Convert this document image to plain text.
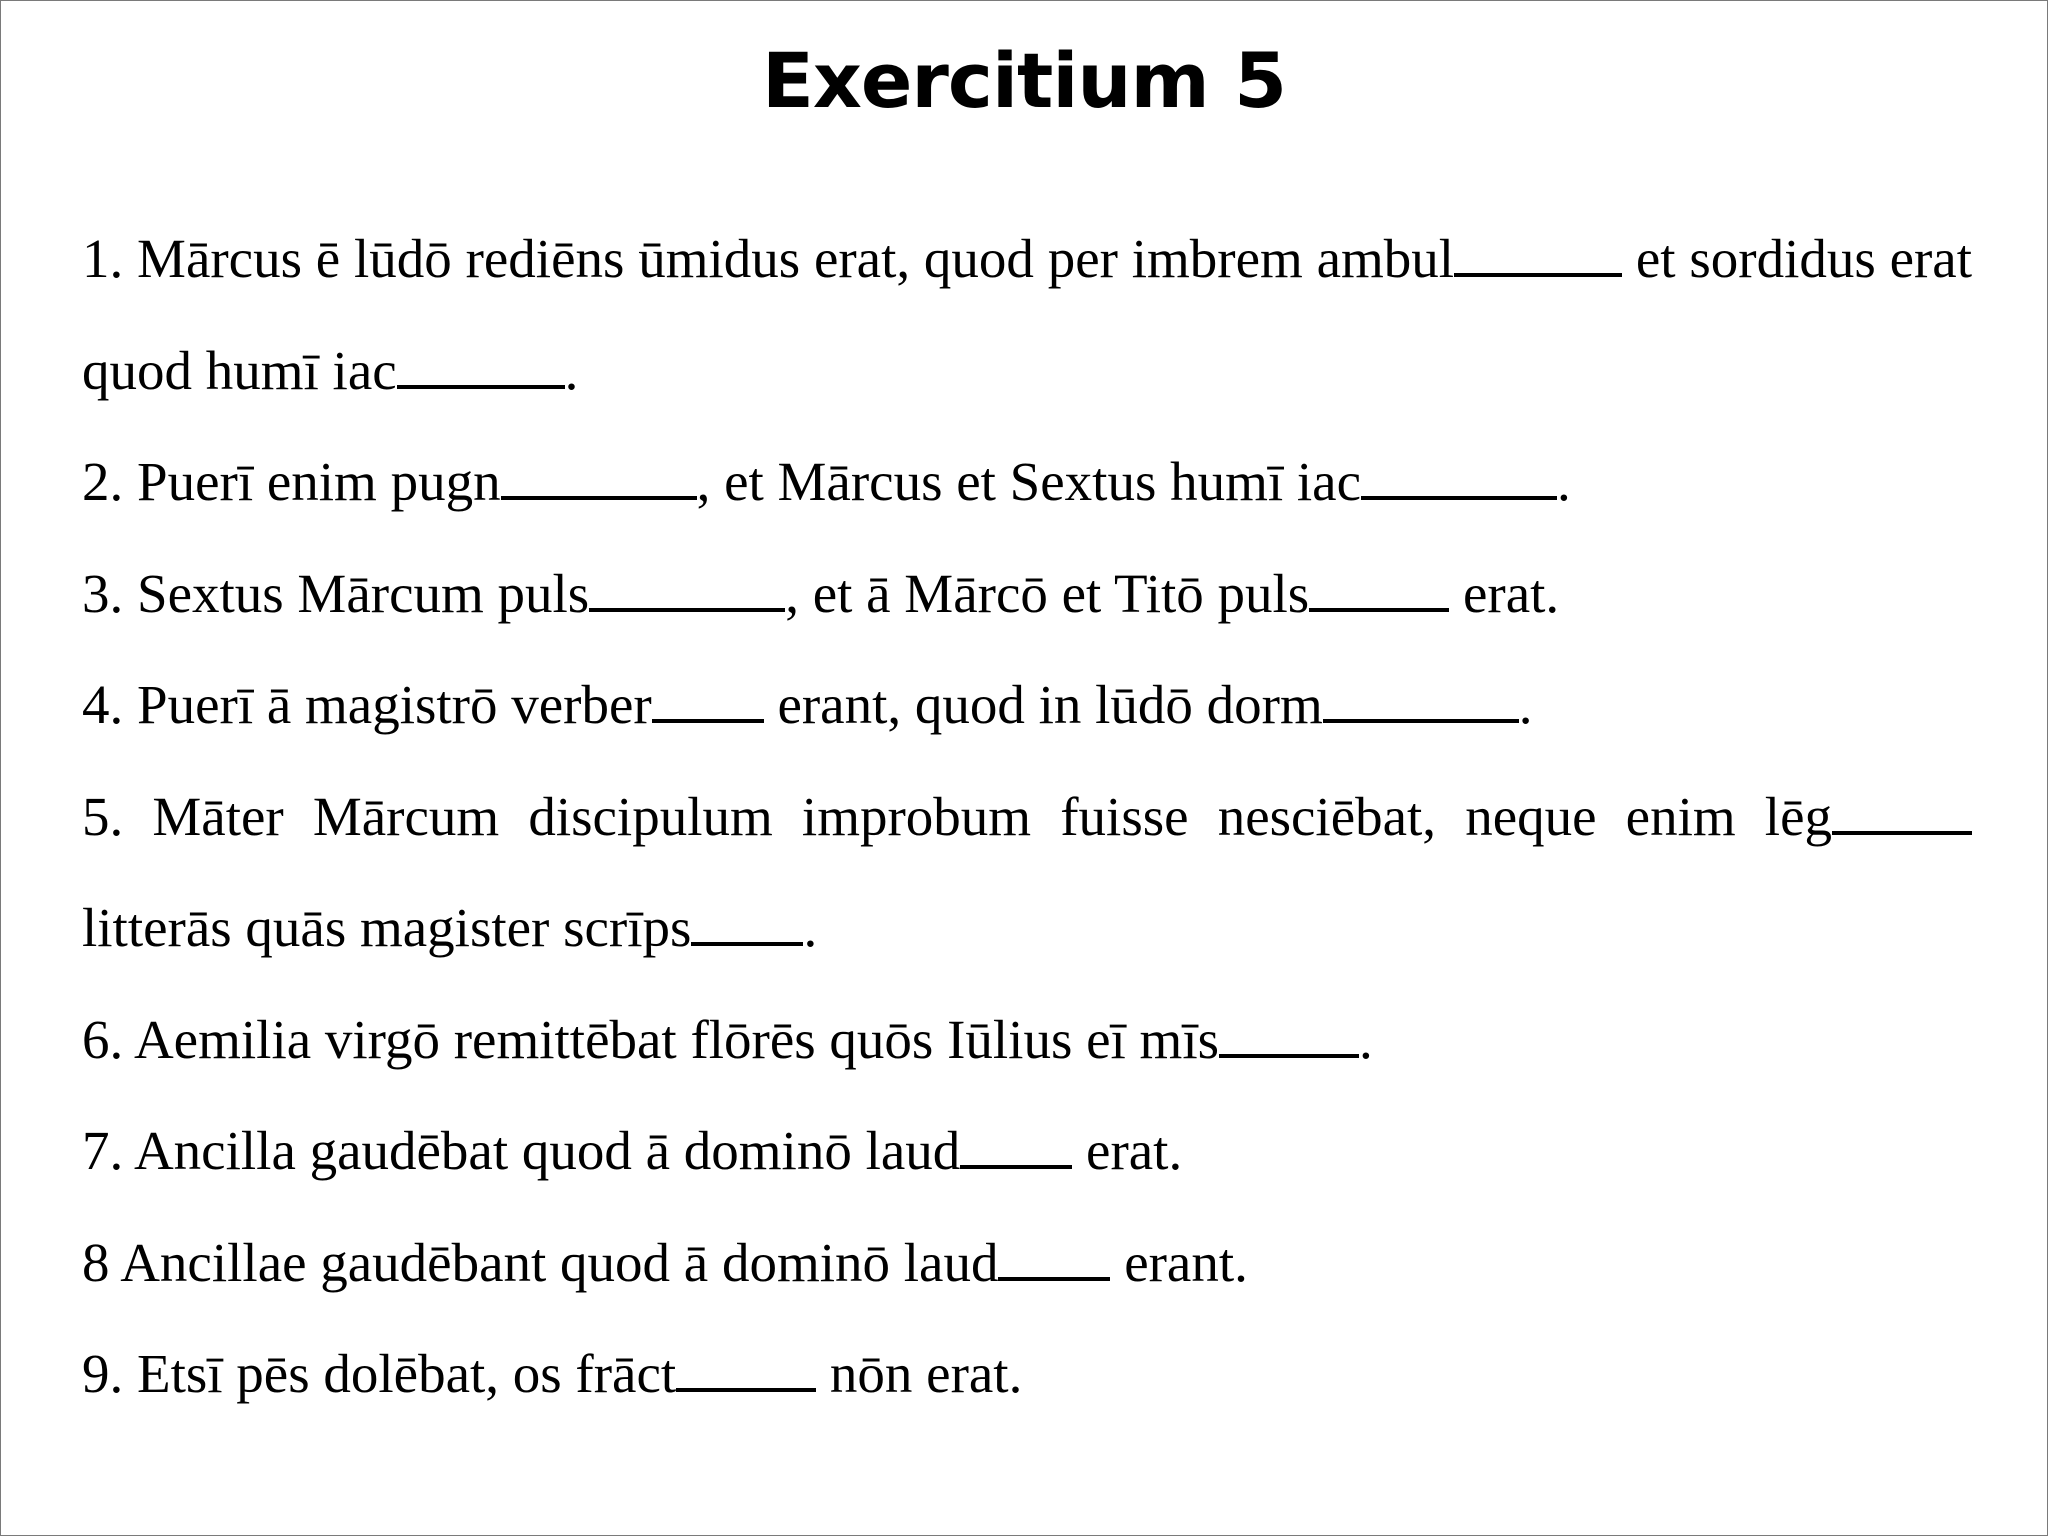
Exercitium 5

1. Mārcus ē lūdō rediēns ūmidus erat, quod per imbrem ambul	et sordidus erat quod humī iac	.

2. Puerī enim pugn	, et Mārcus et Sextus humī iac	.

3. Sextus Mārcum puls	, et ā Mārcō et Titō puls	erat.

4. Puerī ā magistrō verber erant, quod in lūdō dorm	.

5. Māter Mārcum discipulum improbum fuisse nesciēbat, neque enim lēg litterās quās magister scrīps .

6. Aemilia virgō remittēbat flōrēs quōs Iūlius eī mīs	.

7. Ancilla gaudēbat quod ā dominō laud erat.

8 Ancillae gaudēbant quod ā dominō laud erant.

9. Etsī pēs dolēbat, os frāct	nōn erat.
